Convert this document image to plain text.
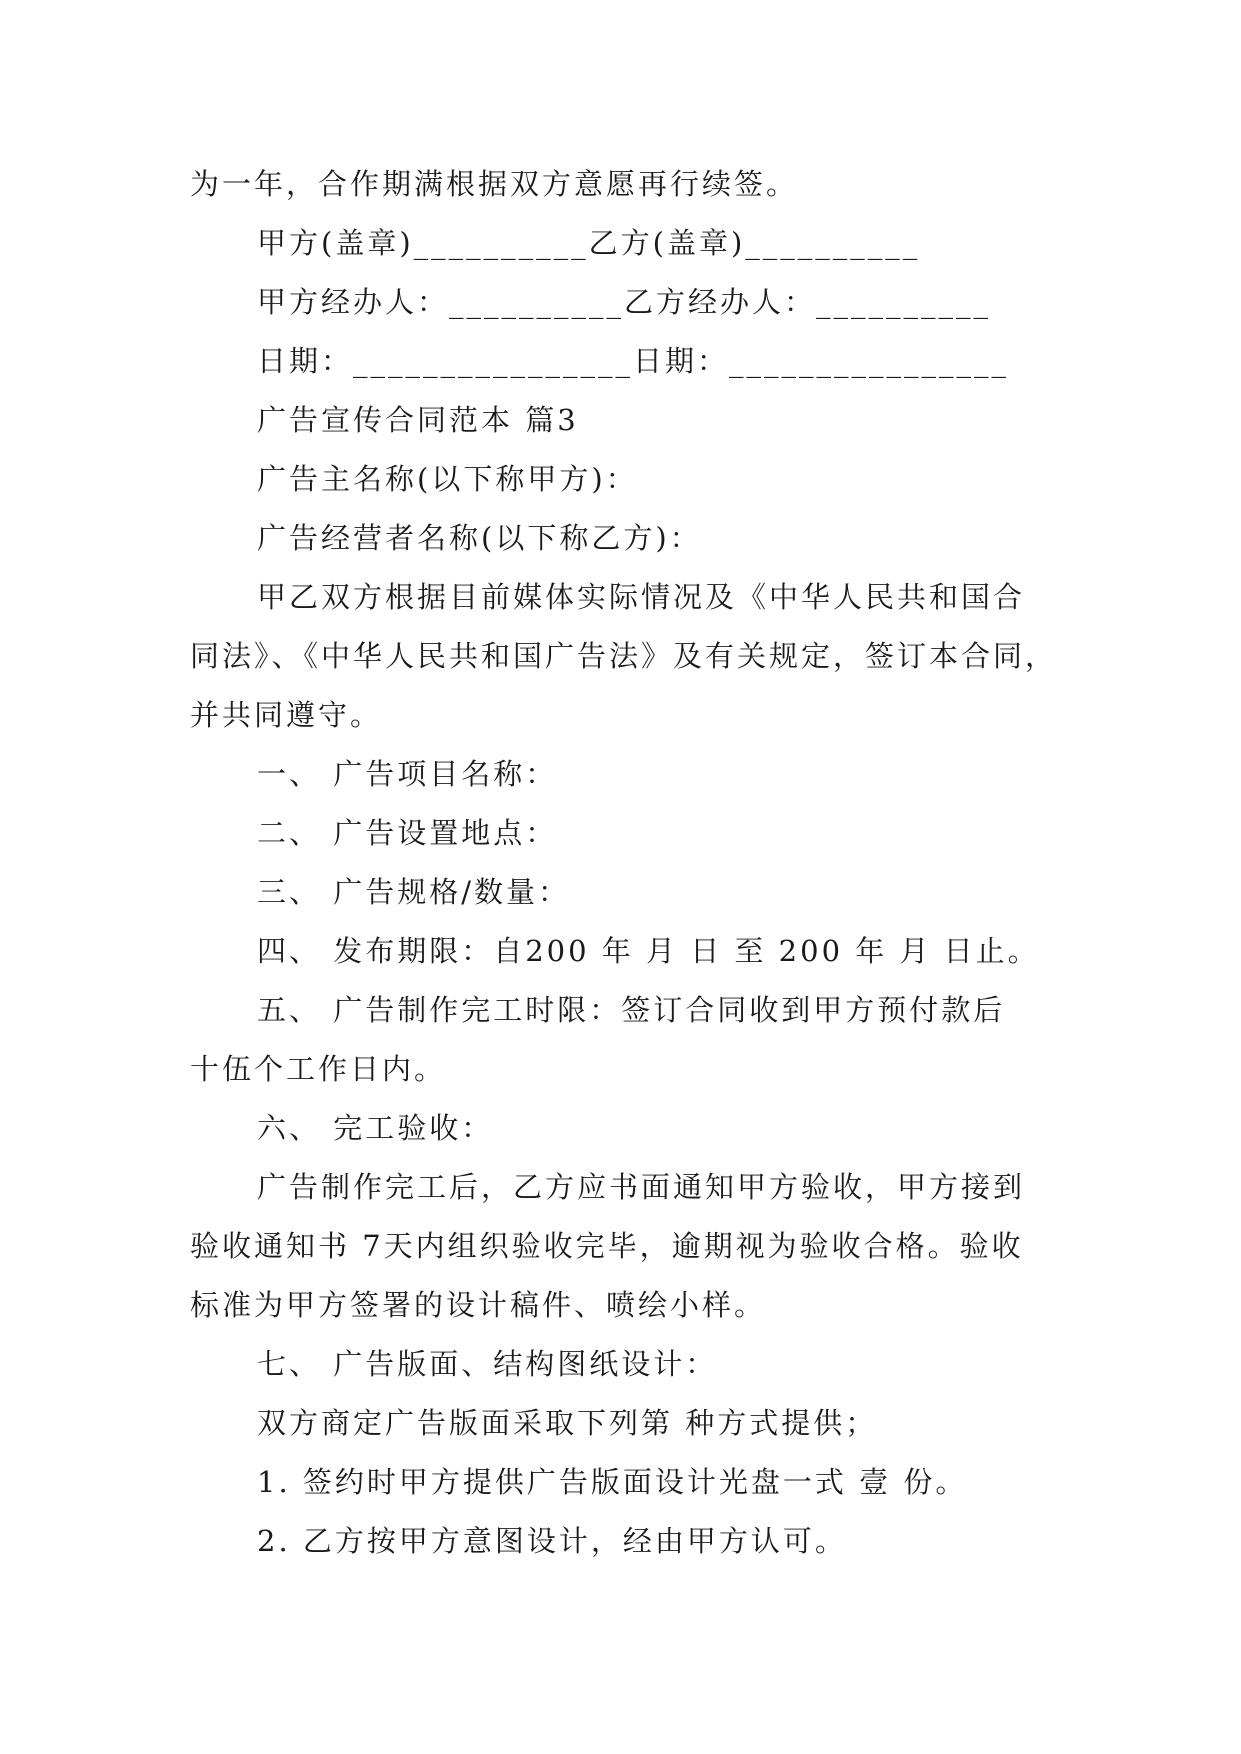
为一年，合作期满根据双方意愿再行续签。
甲方(盖章)__________乙方(盖章)__________
甲方经办人：__________乙方经办人：__________
日期：________________日期：________________
广告宣传合同范本 篇3
广告主名称(以下称甲方)：
广告经营者名称(以下称乙方)：
甲乙双方根据目前媒体实际情况及《中华人民共和国合
同法》、《中华人民共和国广告法》及有关规定，签订本合同，
并共同遵守。
一、 广告项目名称：
二、 广告设置地点：
三、 广告规格/数量：
四、 发布期限：自200 年 月 日 至 200 年 月 日止。
五、 广告制作完工时限：签订合同收到甲方预付款后
十伍个工作日内。
六、 完工验收：
广告制作完工后，乙方应书面通知甲方验收，甲方接到
验收通知书 7天内组织验收完毕，逾期视为验收合格。验收
标准为甲方签署的设计稿件、喷绘小样。
七、 广告版面、结构图纸设计：
双方商定广告版面采取下列第 种方式提供；
1. 签约时甲方提供广告版面设计光盘一式 壹 份。
2. 乙方按甲方意图设计，经由甲方认可。
